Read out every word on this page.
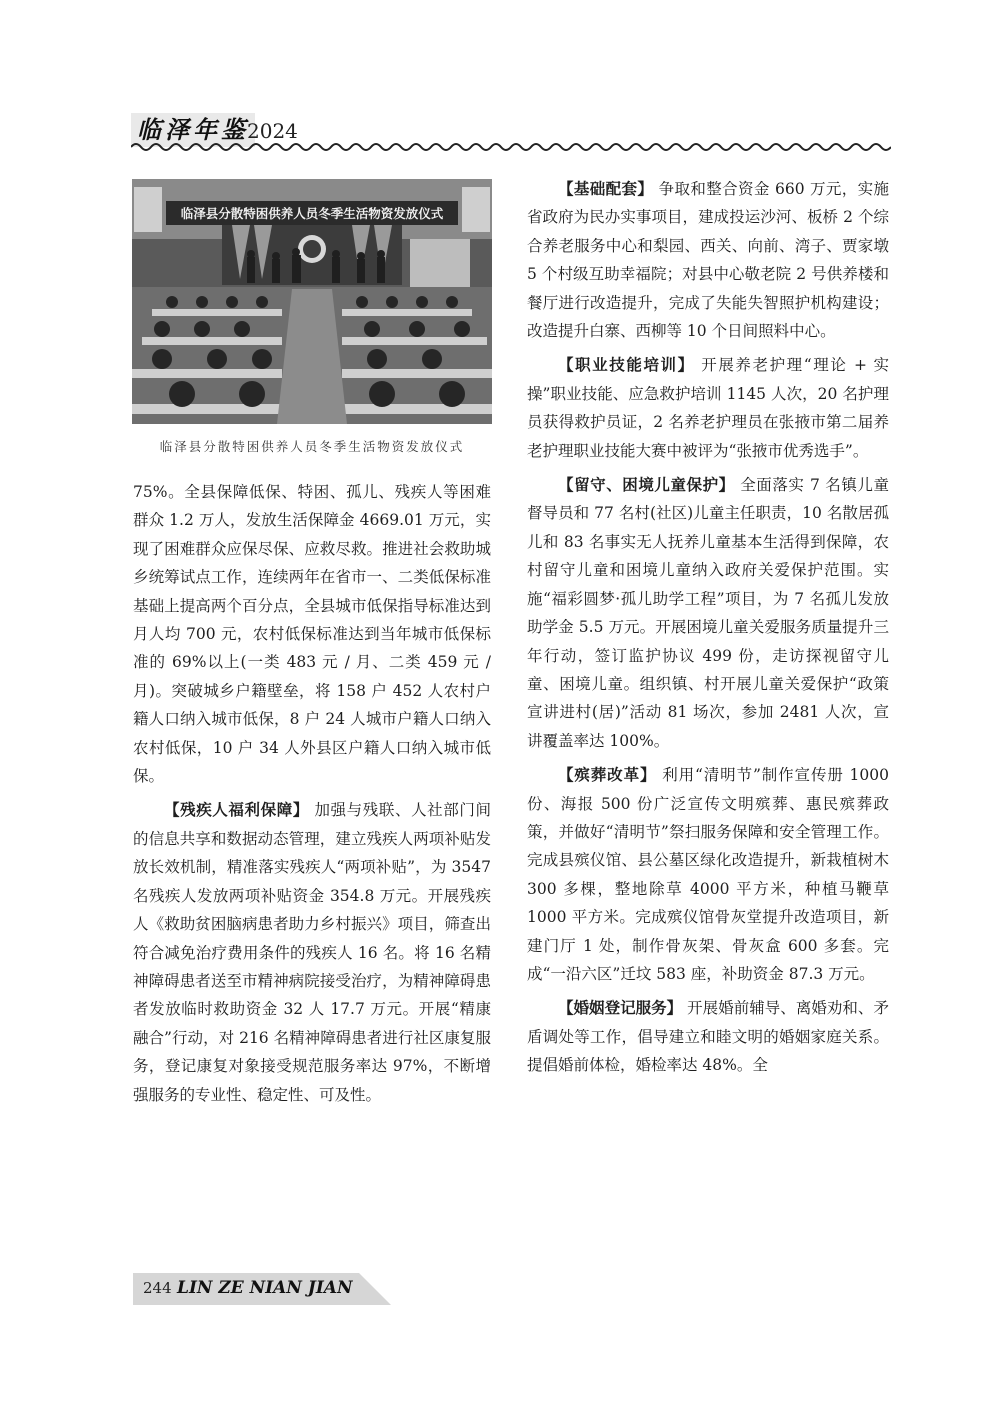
临泽年鉴
2024
临泽县分散特困供养人员冬季生活物资发放仪式
临泽县分散特困供养人员冬季生活物资发放仪式

75%。全县保障低保、特困、孤儿、残疾人等困难群众 1.2 万人，发放生活保障金 4669.01 万元，实现了困难群众应保尽保、应救尽救。推进社会救助城乡统筹试点工作，连续两年在省市一、二类低保标准基础上提高两个百分点，全县城市低保指导标准达到月人均 700 元，农村低保标准达到当年城市低保标准的 69%以上(一类 483 元 / 月、二类 459 元 / 月)。突破城乡户籍壁垒，将 158 户 452 人农村户籍人口纳入城市低保，8 户 24 人城市户籍人口纳入农村低保，10 户 34 人外县区户籍人口纳入城市低保。

【残疾人福利保障】 加强与残联、人社部门间的信息共享和数据动态管理，建立残疾人两项补贴发放长效机制，精准落实残疾人“两项补贴”，为 3547 名残疾人发放两项补贴资金 354.8 万元。开展残疾人《救助贫困脑病患者助力乡村振兴》项目，筛查出符合减免治疗费用条件的残疾人 16 名。将 16 名精神障碍患者送至市精神病院接受治疗，为精神障碍患者发放临时救助资金 32 人 17.7 万元。开展“精康融合”行动，对 216 名精神障碍患者进行社区康复服务，登记康复对象接受规范服务率达 97%，不断增强服务的专业性、稳定性、可及性。

【基础配套】 争取和整合资金 660 万元，实施省政府为民办实事项目，建成投运沙河、板桥 2 个综合养老服务中心和梨园、西关、向前、湾子、贾家墩 5 个村级互助幸福院；对县中心敬老院 2 号供养楼和餐厅进行改造提升，完成了失能失智照护机构建设；改造提升白寨、西柳等 10 个日间照料中心。

【职业技能培训】 开展养老护理“理论 + 实操”职业技能、应急救护培训 1145 人次，20 名护理员获得救护员证，2 名养老护理员在张掖市第二届养老护理职业技能大赛中被评为“张掖市优秀选手”。

【留守、困境儿童保护】 全面落实 7 名镇儿童督导员和 77 名村(社区)儿童主任职责，10 名散居孤儿和 83 名事实无人抚养儿童基本生活得到保障，农村留守儿童和困境儿童纳入政府关爱保护范围。实施“福彩圆梦·孤儿助学工程”项目，为 7 名孤儿发放助学金 5.5 万元。开展困境儿童关爱服务质量提升三年行动，签订监护协议 499 份，走访探视留守儿童、困境儿童。组织镇、村开展儿童关爱保护“政策宣讲进村(居)”活动 81 场次，参加 2481 人次，宣讲覆盖率达 100%。

【殡葬改革】 利用“清明节”制作宣传册 1000 份、海报 500 份广泛宣传文明殡葬、惠民殡葬政策，并做好“清明节”祭扫服务保障和安全管理工作。完成县殡仪馆、县公墓区绿化改造提升，新栽植树木 300 多棵，整地除草 4000 平方米，种植马鞭草 1000 平方米。完成殡仪馆骨灰堂提升改造项目，新建门厅 1 处，制作骨灰架、骨灰盒 600 多套。完成“一沿六区”迁坟 583 座，补助资金 87.3 万元。

【婚姻登记服务】 开展婚前辅导、离婚劝和、矛盾调处等工作，倡导建立和睦文明的婚姻家庭关系。提倡婚前体检，婚检率达 48%。全

244 LIN ZE NIAN JIAN
